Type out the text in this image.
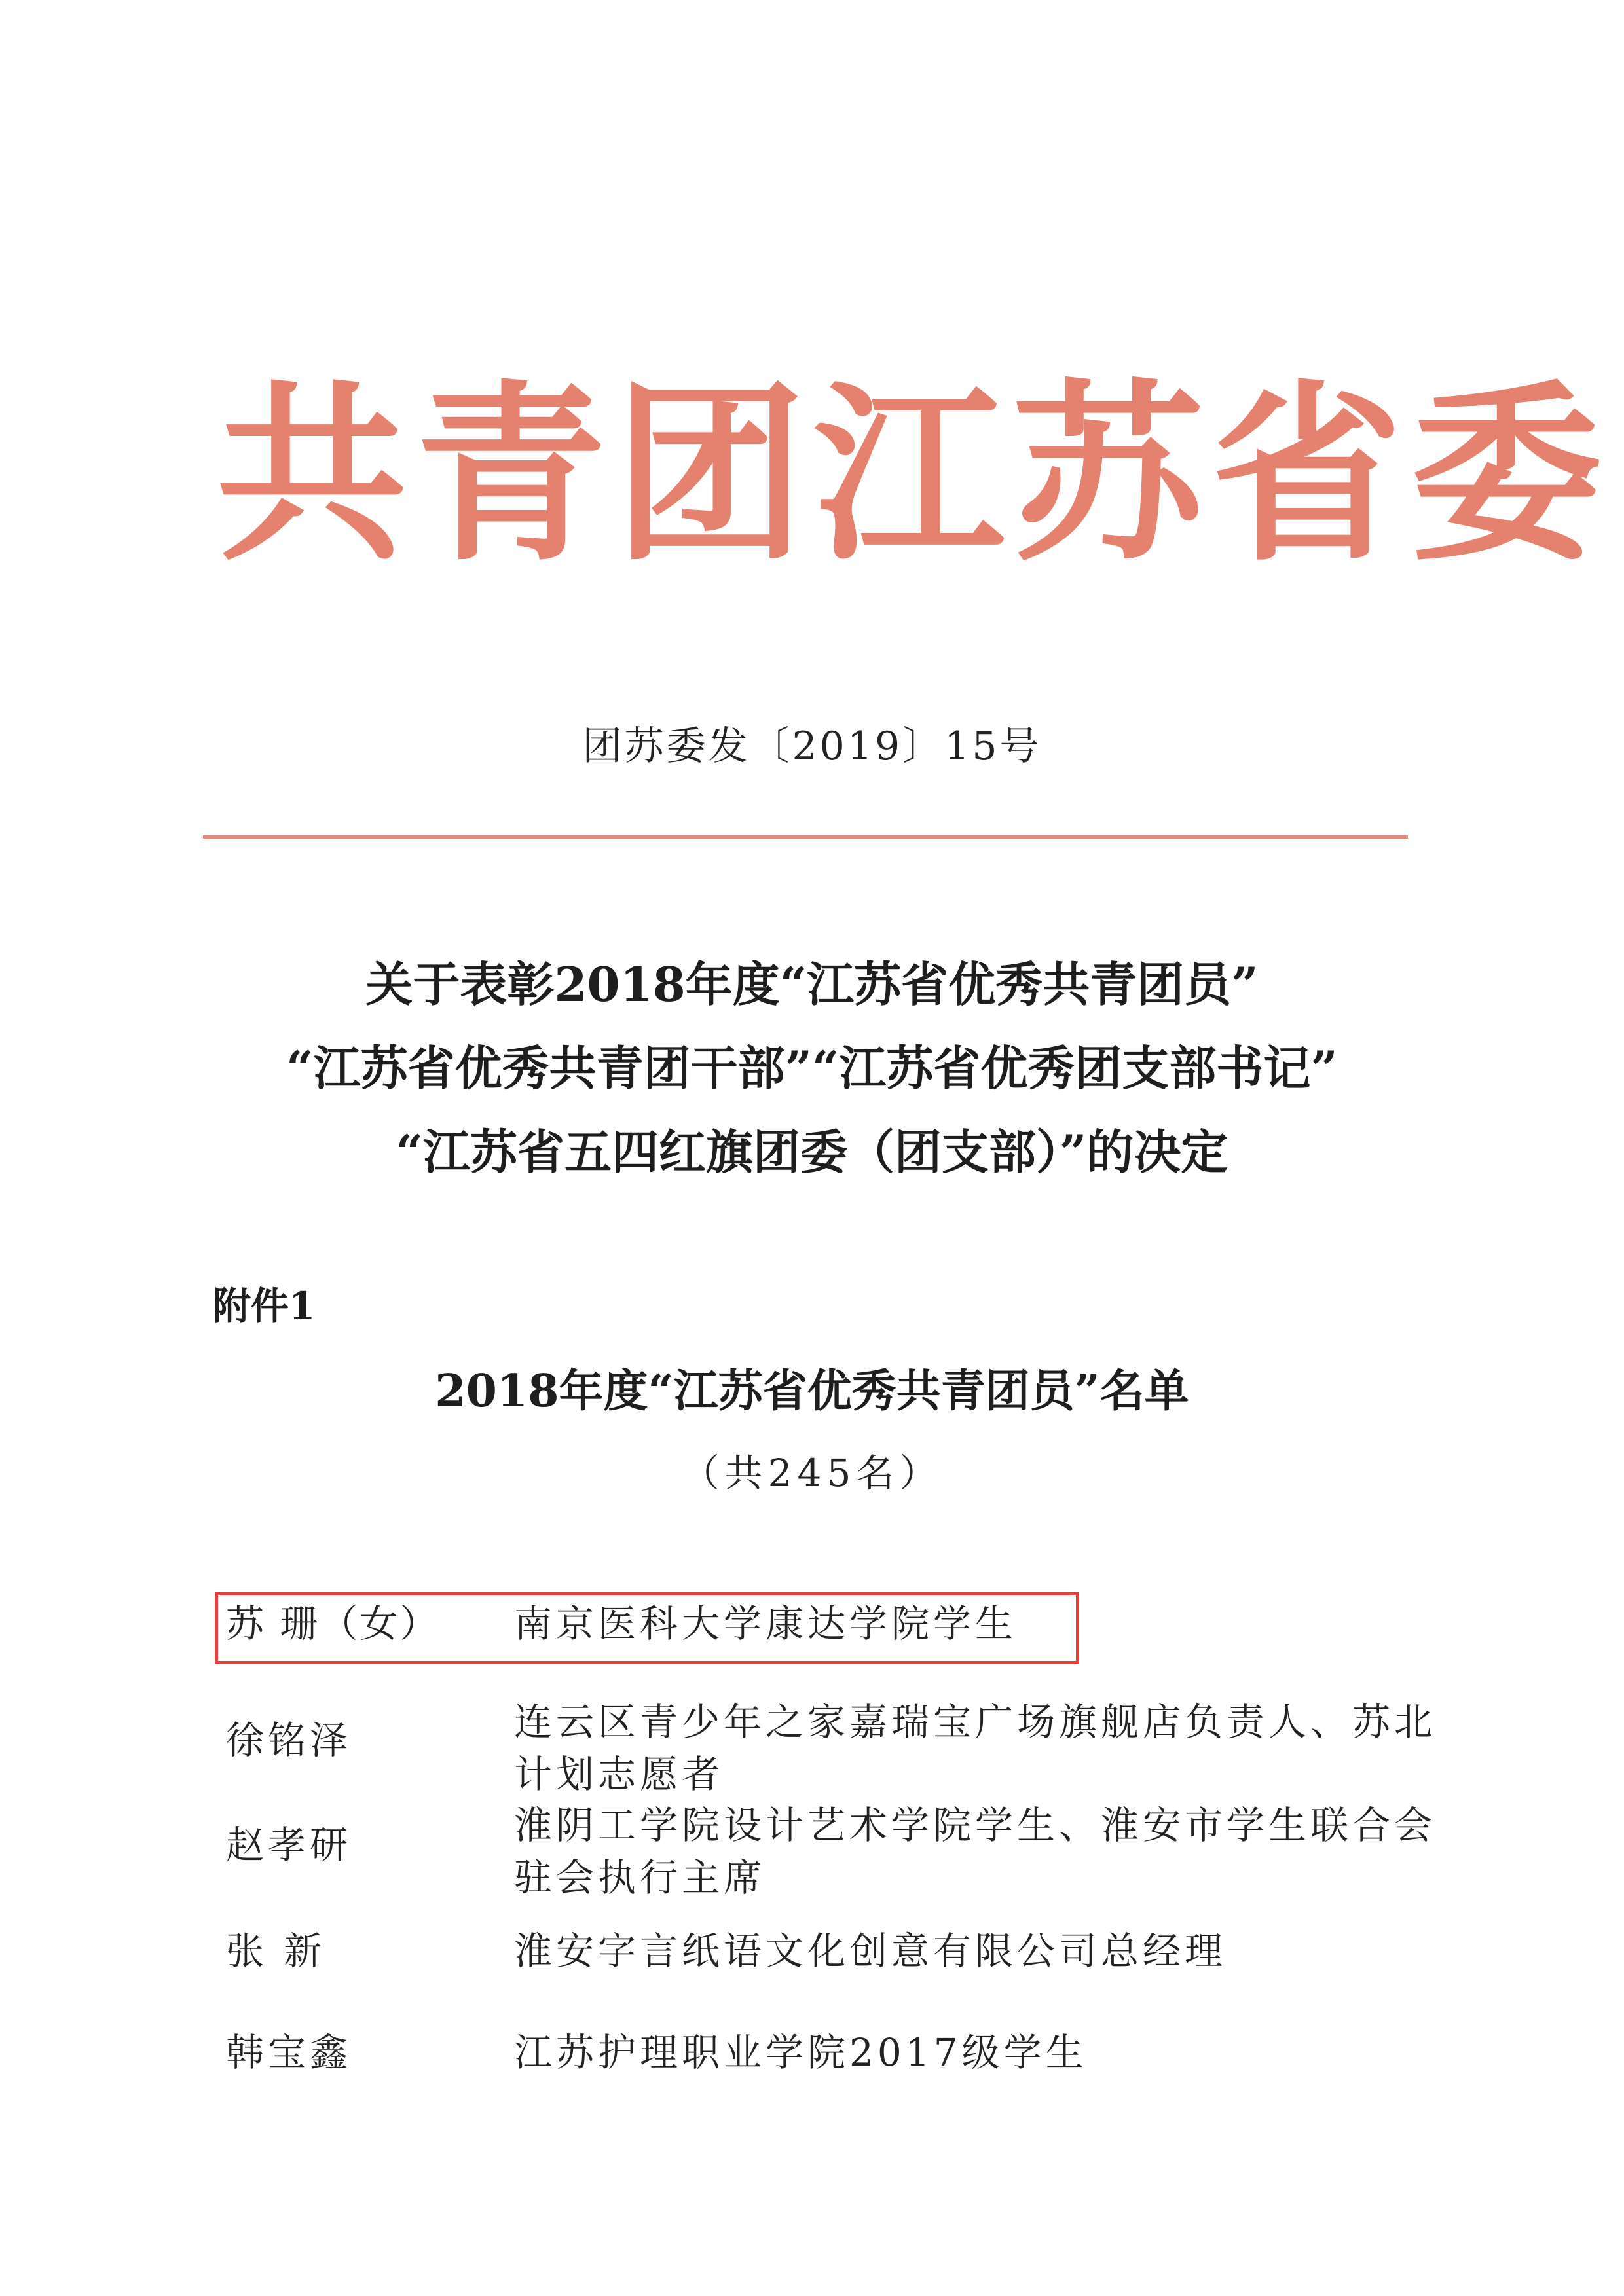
共青团江苏省委
团苏委发〔2019〕15号
关于表彰2018年度“江苏省优秀共青团员”
“江苏省优秀共青团干部”“江苏省优秀团支部书记”
“江苏省五四红旗团委（团支部）”的决定
附件1
2018年度“江苏省优秀共青团员”名单
（共245名）
苏 珊（女）	南京医科大学康达学院学生
徐铭泽	连云区青少年之家嘉瑞宝广场旗舰店负责人、苏北
计划志愿者
赵孝研	淮阴工学院设计艺术学院学生、淮安市学生联合会
驻会执行主席
张 新	淮安字言纸语文化创意有限公司总经理
韩宝鑫	江苏护理职业学院2017级学生
